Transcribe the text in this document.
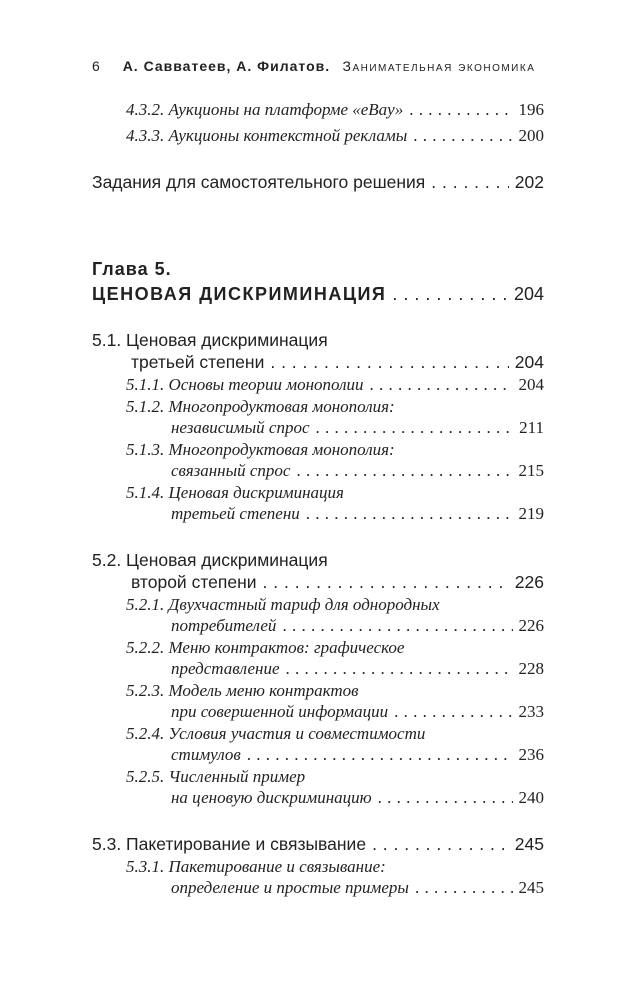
6 А. Савватеев, А. Филатов. Занимательная экономика
4.3.2. Аукционы на платформе «eBay» . . .	196
4.3.3. Аукционы контекстной рекламы . . .	200
Задания для самостоятельного решения . . .	202
Глава 5.
ЦЕНОВАЯ ДИСКРИМИНАЦИЯ . . .	204
5.1. Ценовая дискриминация
третьей степени . . .	204
5.1.1. Основы теории монополии . . .	204
5.1.2. Многопродуктовая монополия:
независимый спрос . . .	211
5.1.3. Многопродуктовая монополия:
связанный спрос . . .	215
5.1.4. Ценовая дискриминация
третьей степени . . .	219
5.2. Ценовая дискриминация
второй степени . . .	226
5.2.1. Двухчастный тариф для однородных
потребителей . . .	226
5.2.2. Меню контрактов: графическое
представление . . .	228
5.2.3. Модель меню контрактов
при совершенной информации . . .	233
5.2.4. Условия участия и совместимости
стимулов . . .	236
5.2.5. Численный пример
на ценовую дискриминацию . . .	240
5.3. Пакетирование и связывание . . .	245
5.3.1. Пакетирование и связывание:
определение и простые примеры . . .	245
